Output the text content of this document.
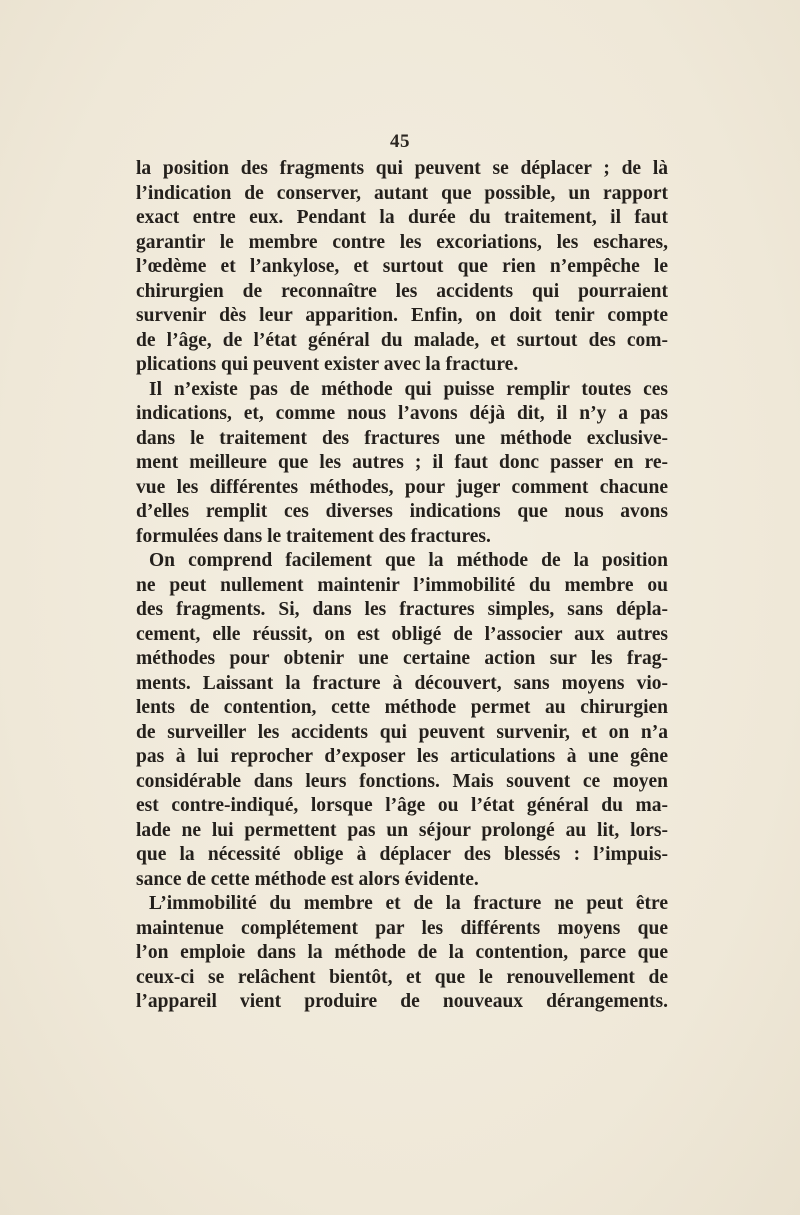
45
la position des fragments qui peuvent se déplacer ; de là
l’indication de conserver, autant que possible, un rapport
exact entre eux. Pendant la durée du traitement, il faut
garantir le membre contre les excoriations, les eschares,
l’œdème et l’ankylose, et surtout que rien n’empêche le
chirurgien de reconnaître les accidents qui pourraient
survenir dès leur apparition. Enfin, on doit tenir compte
de l’âge, de l’état général du malade, et surtout des com-
plications qui peuvent exister avec la fracture.
Il n’existe pas de méthode qui puisse remplir toutes ces
indications, et, comme nous l’avons déjà dit, il n’y a pas
dans le traitement des fractures une méthode exclusive-
ment meilleure que les autres ; il faut donc passer en re-
vue les différentes méthodes, pour juger comment chacune
d’elles remplit ces diverses indications que nous avons
formulées dans le traitement des fractures.
On comprend facilement que la méthode de la position
ne peut nullement maintenir l’immobilité du membre ou
des fragments. Si, dans les fractures simples, sans dépla-
cement, elle réussit, on est obligé de l’associer aux autres
méthodes pour obtenir une certaine action sur les frag-
ments. Laissant la fracture à découvert, sans moyens vio-
lents de contention, cette méthode permet au chirurgien
de surveiller les accidents qui peuvent survenir, et on n’a
pas à lui reprocher d’exposer les articulations à une gêne
considérable dans leurs fonctions. Mais souvent ce moyen
est contre-indiqué, lorsque l’âge ou l’état général du ma-
lade ne lui permettent pas un séjour prolongé au lit, lors-
que la nécessité oblige à déplacer des blessés : l’impuis-
sance de cette méthode est alors évidente.
L’immobilité du membre et de la fracture ne peut être
maintenue complétement par les différents moyens que
l’on emploie dans la méthode de la contention, parce que
ceux-ci se relâchent bientôt, et que le renouvellement de
l’appareil vient produire de nouveaux dérangements.
